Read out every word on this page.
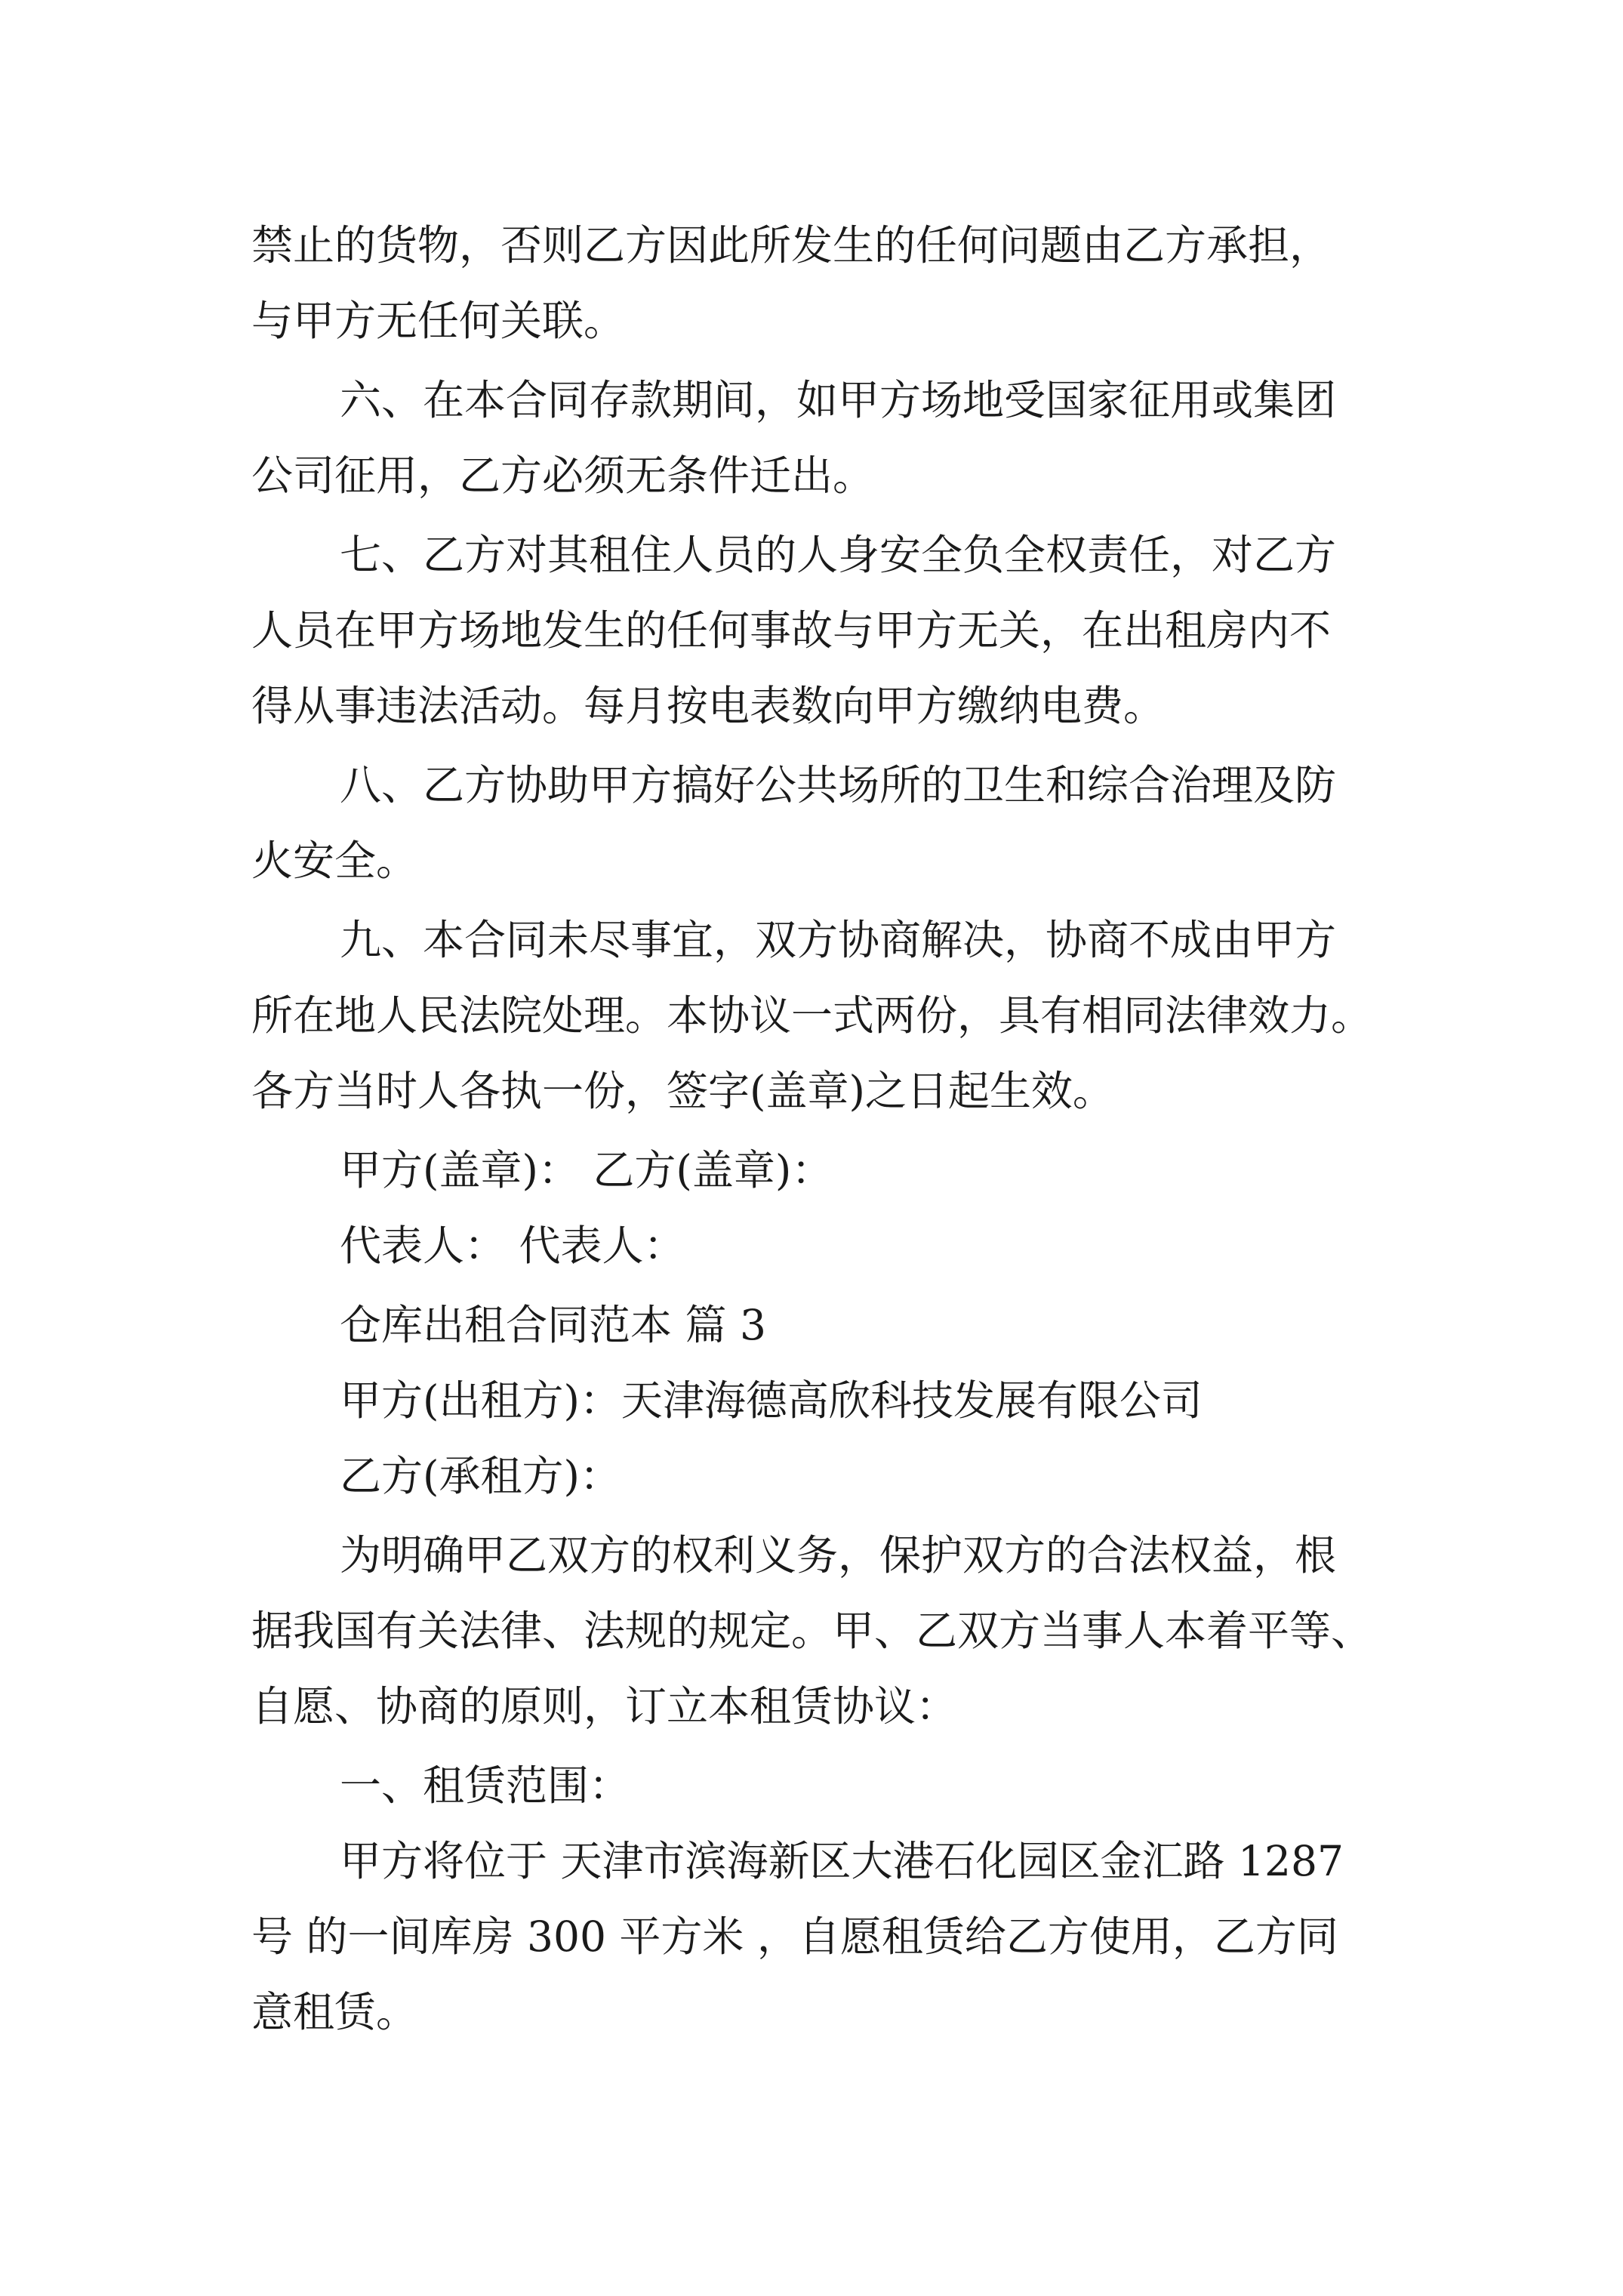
禁止的货物，否则乙方因此所发生的任何问题由乙方承担，
与甲方无任何关联。
六、在本合同存款期间，如甲方场地受国家征用或集团
公司征用，乙方必须无条件迁出。
七、乙方对其租住人员的人身安全负全权责任，对乙方
人员在甲方场地发生的任何事故与甲方无关，在出租房内不
得从事违法活动。每月按电表数向甲方缴纳电费。
八、乙方协助甲方搞好公共场所的卫生和综合治理及防
火安全。
九、本合同未尽事宜，双方协商解决，协商不成由甲方
所在地人民法院处理。本协议一式两份，具有相同法律效力。
各方当时人各执一份，签字(盖章)之日起生效。
甲方(盖章)： 乙方(盖章)：
代表人： 代表人：
仓库出租合同范本 篇 3
甲方(出租方)：天津海德高欣科技发展有限公司
乙方(承租方)：
为明确甲乙双方的权利义务，保护双方的合法权益，根
据我国有关法律、法规的规定。甲、乙双方当事人本着平等、
自愿、协商的原则，订立本租赁协议：
一、租赁范围：
甲方将位于 天津市滨海新区大港石化园区金汇路 1287
号 的一间库房 300 平方米 ，自愿租赁给乙方使用，乙方同
意租赁。
